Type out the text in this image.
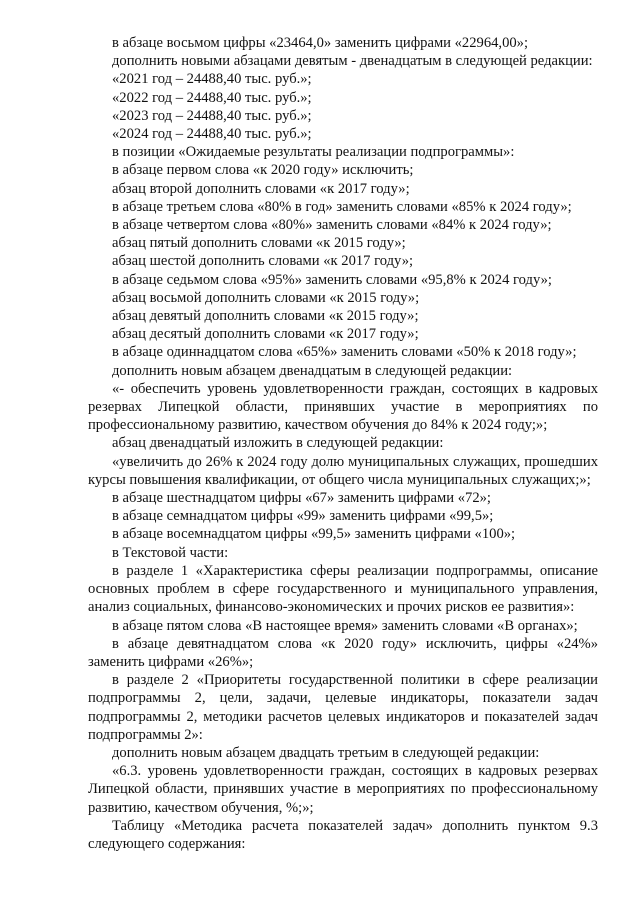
в абзаце восьмом цифры «23464,0» заменить цифрами «22964,00»;

дополнить новыми абзацами девятым - двенадцатым в следующей редакции:

«2021 год – 24488,40 тыс. руб.»;

«2022 год – 24488,40 тыс. руб.»;

«2023 год – 24488,40 тыс. руб.»;

«2024 год – 24488,40 тыс. руб.»;

в позиции «Ожидаемые результаты реализации подпрограммы»:

в абзаце первом слова «к 2020 году» исключить;

абзац второй дополнить словами «к 2017 году»;

в абзаце третьем слова «80% в год» заменить словами «85% к 2024 году»;

в абзаце четвертом слова «80%» заменить словами «84% к 2024 году»;

абзац пятый дополнить словами «к 2015 году»;

абзац шестой дополнить словами «к 2017 году»;

в абзаце седьмом слова «95%» заменить словами «95,8% к 2024 году»;

абзац восьмой дополнить словами «к 2015 году»;

абзац девятый дополнить словами «к 2015 году»;

абзац десятый дополнить словами «к 2017 году»;

в абзаце одиннадцатом слова «65%» заменить словами «50% к 2018 году»;

дополнить новым абзацем двенадцатым в следующей редакции:

«- обеспечить уровень удовлетворенности граждан, состоящих в кадровых резервах Липецкой области, принявших участие в мероприятиях по профессиональному развитию, качеством обучения до 84% к 2024 году;»;

абзац двенадцатый изложить в следующей редакции:

«увеличить до 26% к 2024 году долю муниципальных служащих, прошедших курсы повышения квалификации, от общего числа муниципальных служащих;»;

в абзаце шестнадцатом цифры «67» заменить цифрами «72»;

в абзаце семнадцатом цифры «99» заменить цифрами «99,5»;

в абзаце восемнадцатом цифры «99,5» заменить цифрами «100»;

в Текстовой части:

в разделе 1 «Характеристика сферы реализации подпрограммы, описание основных проблем в сфере государственного и муниципального управления, анализ социальных, финансово-экономических и прочих рисков ее развития»:

в абзаце пятом слова «В настоящее время» заменить словами «В органах»;

в абзаце девятнадцатом слова «к 2020 году» исключить, цифры «24%» заменить цифрами «26%»;

в разделе 2 «Приоритеты государственной политики в сфере реализации подпрограммы 2, цели, задачи, целевые индикаторы, показатели задач подпрограммы 2, методики расчетов целевых индикаторов и показателей задач подпрограммы 2»:

дополнить новым абзацем двадцать третьим в следующей редакции:

«6.3. уровень удовлетворенности граждан, состоящих в кадровых резервах Липецкой области, принявших участие в мероприятиях по профессиональному развитию, качеством обучения, %;»;

Таблицу «Методика расчета показателей задач» дополнить пунктом 9.3 следующего содержания:
